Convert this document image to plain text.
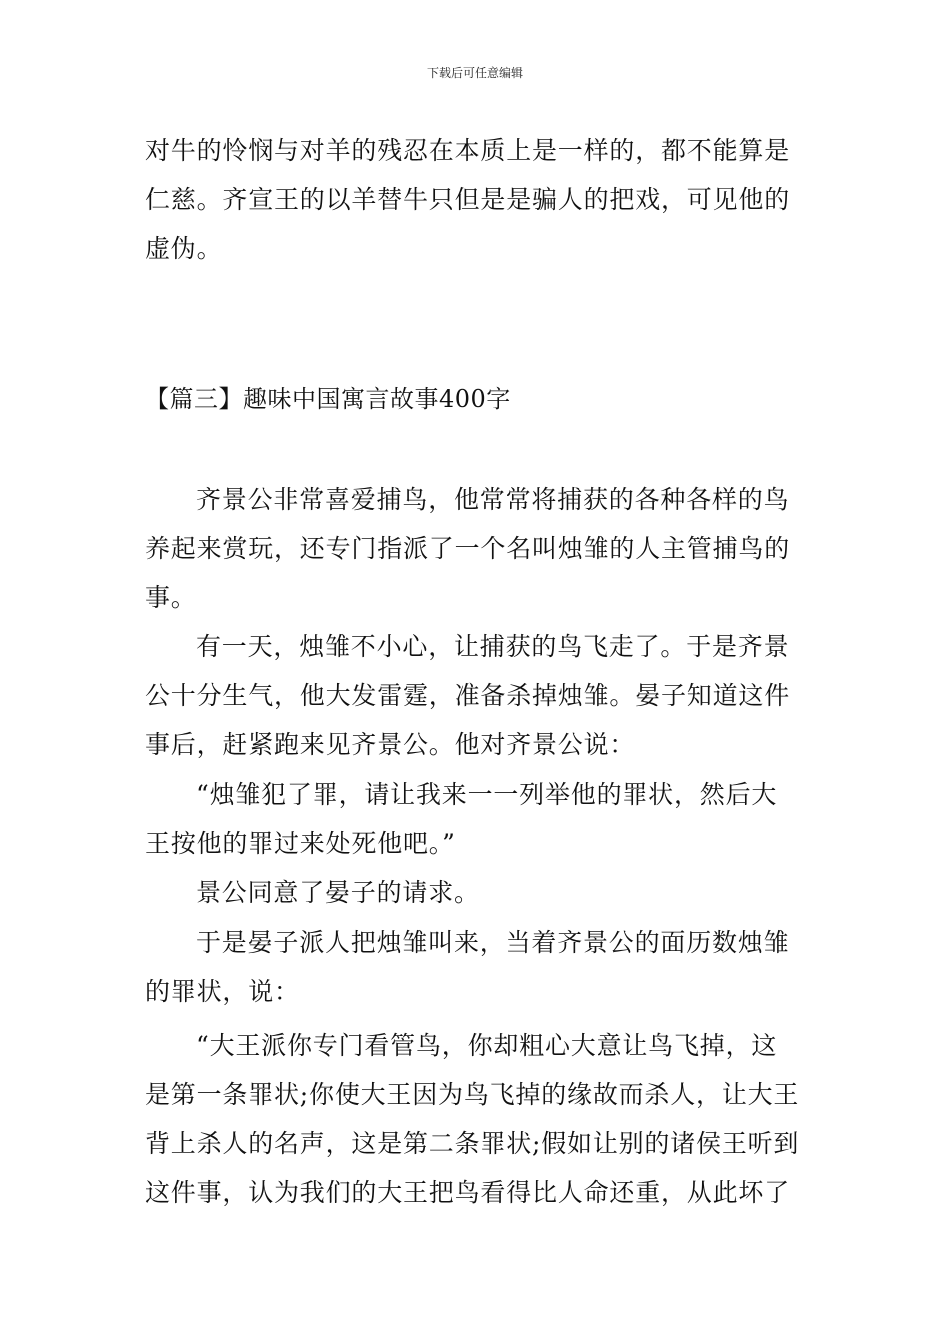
下载后可任意编辑
对牛的怜悯与对羊的残忍在本质上是一样的，都不能算是
仁慈。齐宣王的以羊替牛只但是是骗人的把戏，可见他的
虚伪。
【篇三】趣味中国寓言故事400字
齐景公非常喜爱捕鸟，他常常将捕获的各种各样的鸟
养起来赏玩，还专门指派了一个名叫烛雏的人主管捕鸟的
事。
有一天，烛雏不小心，让捕获的鸟飞走了。于是齐景
公十分生气，他大发雷霆，准备杀掉烛雏。晏子知道这件
事后，赶紧跑来见齐景公。他对齐景公说：
“烛雏犯了罪，请让我来一一列举他的罪状，然后大
王按他的罪过来处死他吧。”
景公同意了晏子的请求。
于是晏子派人把烛雏叫来，当着齐景公的面历数烛雏
的罪状，说：
“大王派你专门看管鸟，你却粗心大意让鸟飞掉，这
是第一条罪状;你使大王因为鸟飞掉的缘故而杀人，让大王
背上杀人的名声，这是第二条罪状;假如让别的诸侯王听到
这件事，认为我们的大王把鸟看得比人命还重，从此坏了
